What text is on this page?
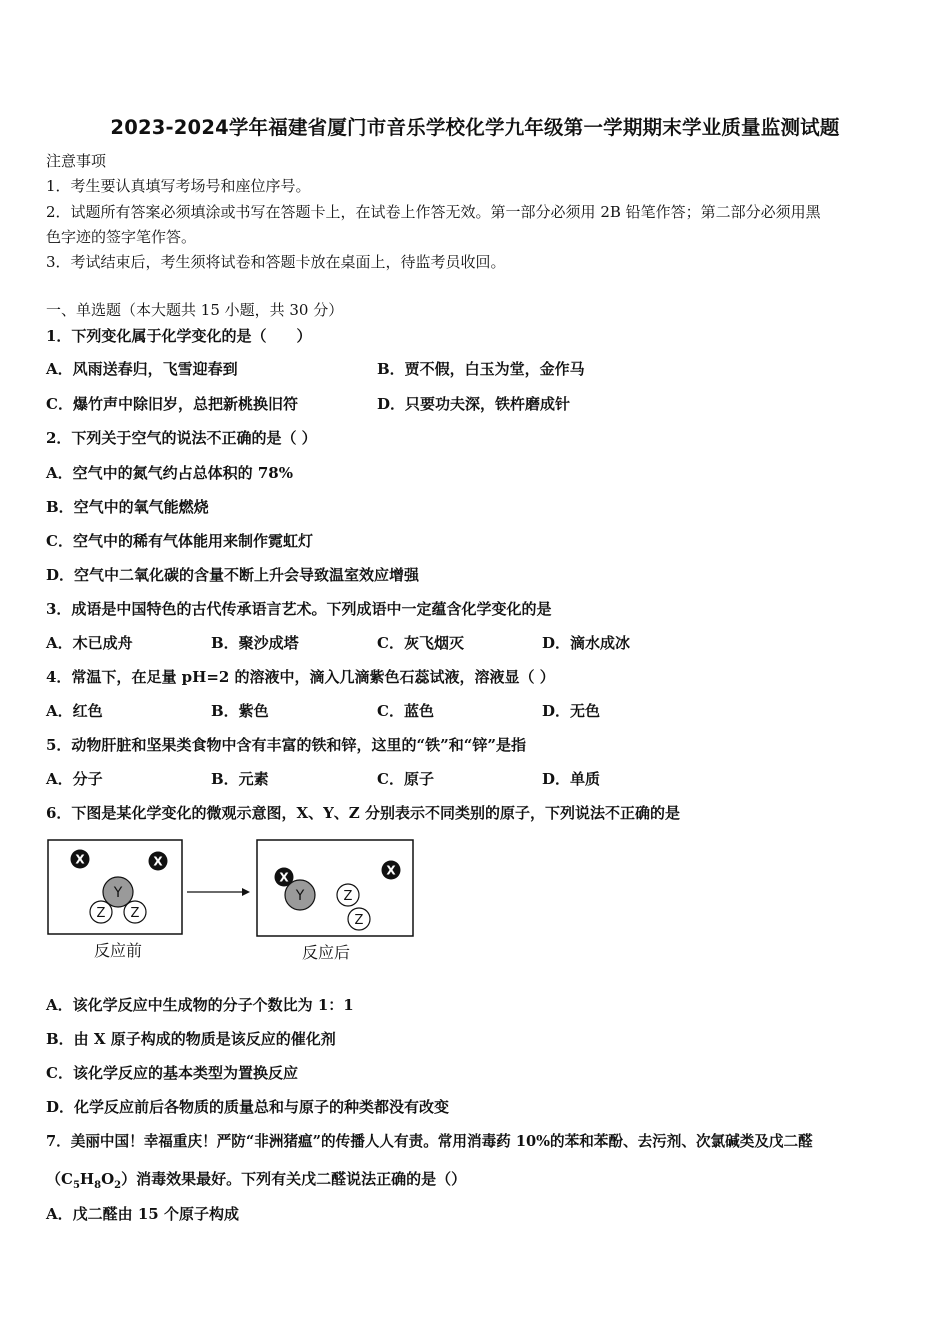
2023-2024学年福建省厦门市音乐学校化学九年级第一学期期末学业质量监测试题
注意事项
1．考生要认真填写考场号和座位序号。
2．试题所有答案必须填涂或书写在答题卡上，在试卷上作答无效。第一部分必须用 2B 铅笔作答；第二部分必须用黑
色字迹的签字笔作答。
3．考试结束后，考生须将试卷和答题卡放在桌面上，待监考员收回。
一、单选题（本大题共 15 小题，共 30 分）
1．下列变化属于化学变化的是（　　）
A．风雨送春归，飞雪迎春到	B．贾不假，白玉为堂，金作马
C．爆竹声中除旧岁，总把新桃换旧符	D．只要功夫深，铁杵磨成针
2．下列关于空气的说法不正确的是（ ）
A．空气中的氮气约占总体积的 78%
B．空气中的氧气能燃烧
C．空气中的稀有气体能用来制作霓虹灯
D．空气中二氧化碳的含量不断上升会导致温室效应增强
3．成语是中国特色的古代传承语言艺术。下列成语中一定蕴含化学变化的是
A．木已成舟	B．聚沙成塔	C．灰飞烟灭	D．滴水成冰
4．常温下，在足量 pH=2 的溶液中，滴入几滴紫色石蕊试液，溶液显（ ）
A．红色	B．紫色	C．蓝色	D．无色
5．动物肝脏和坚果类食物中含有丰富的铁和锌，这里的“铁”和“锌”是指
A．分子	B．元素	C．原子	D．单质
6．下图是某化学变化的微观示意图，X、Y、Z 分别表示不同类别的原子，下列说法不正确的是
X	X
Z Z
Y	Y
X	X
Z
Z
反应前	反应后
A．该化学反应中生成物的分子个数比为 1：1
B．由 X 原子构成的物质是该反应的催化剂
C．该化学反应的基本类型为置换反应
D．化学反应前后各物质的质量总和与原子的种类都没有改变
7．美丽中国！幸福重庆！严防“非洲猪瘟”的传播人人有责。常用消毒药 10%的苯和苯酚、去污剂、次氯碱类及戊二醛
$(C_5H_8O_2)$消毒效果最好。下列有关戊二醛说法正确的是（）
A．戊二醛由 15 个原子构成
